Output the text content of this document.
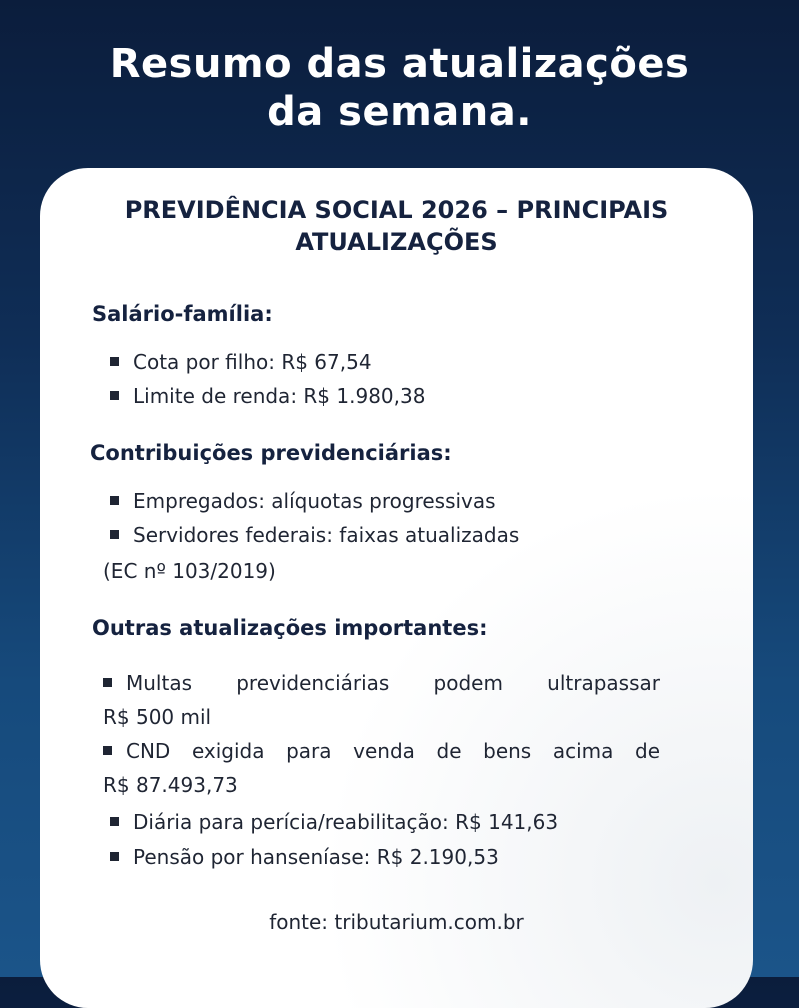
Resumo das atualizações
da semana.
PREVIDÊNCIA SOCIAL 2026 – PRINCIPAIS
ATUALIZAÇÕES
Salário-família:
Cota por filho: R$ 67,54
Limite de renda: R$ 1.980,38
Contribuições previdenciárias:
Empregados: alíquotas progressivas
Servidores federais: faixas atualizadas
(EC nº 103/2019)
Outras atualizações importantes:
Multas previdenciárias podem ultrapassar
R$ 500 mil
CND exigida para venda de bens acima de
R$ 87.493,73
Diária para perícia/reabilitação: R$ 141,63
Pensão por hanseníase: R$ 2.190,53
fonte: tributarium.com.br
